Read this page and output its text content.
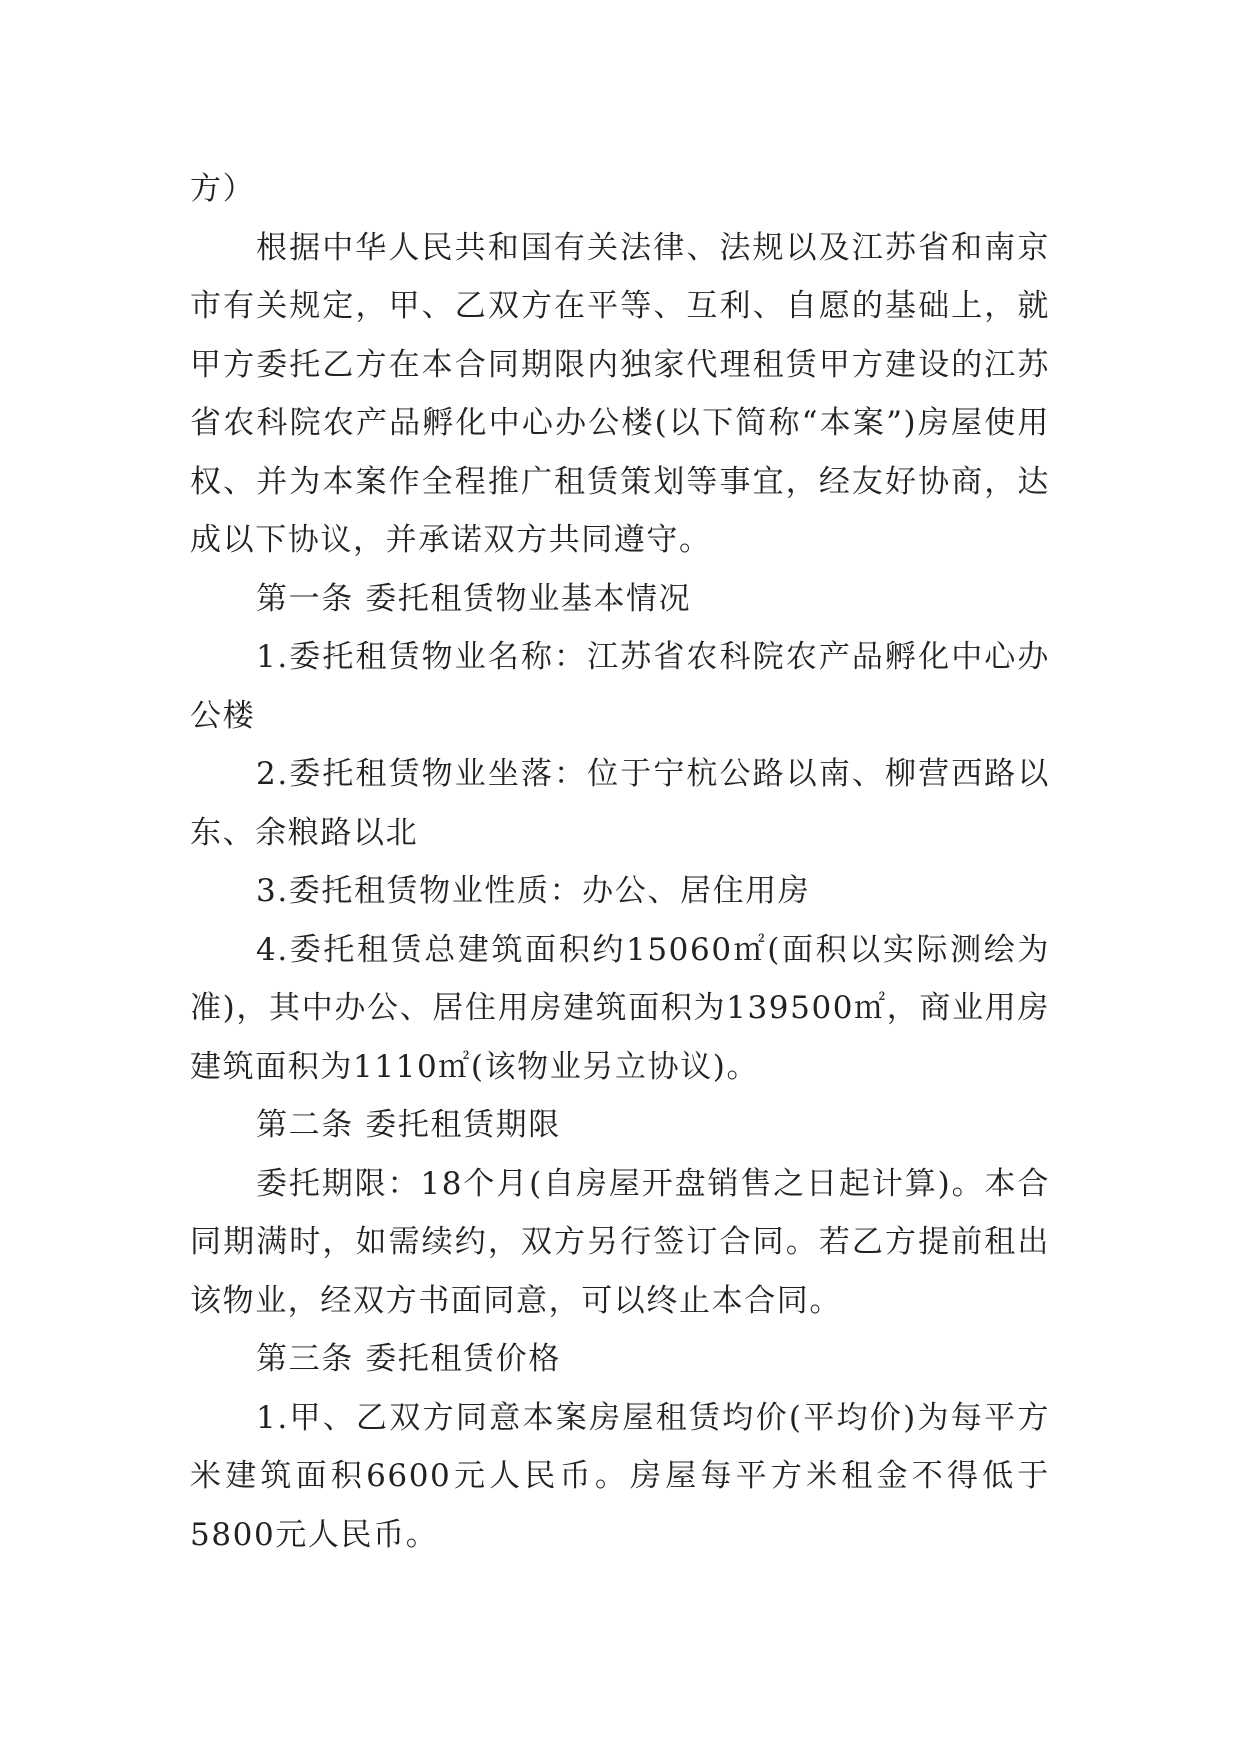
方）

根据中华人民共和国有关法律、法规以及江苏省和南京市有关规定，甲、乙双方在平等、互利、自愿的基础上，就甲方委托乙方在本合同期限内独家代理租赁甲方建设的江苏省农科院农产品孵化中心办公楼(以下简称“本案”)房屋使用权、并为本案作全程推广租赁策划等事宜，经友好协商，达成以下协议，并承诺双方共同遵守。

第一条 委托租赁物业基本情况

1.委托租赁物业名称：江苏省农科院农产品孵化中心办公楼

2.委托租赁物业坐落：位于宁杭公路以南、柳营西路以东、余粮路以北

3.委托租赁物业性质：办公、居住用房

4.委托租赁总建筑面积约15060㎡(面积以实际测绘为准)，其中办公、居住用房建筑面积为139500㎡，商业用房建筑面积为1110㎡(该物业另立协议)。

第二条 委托租赁期限

委托期限：18个月(自房屋开盘销售之日起计算)。本合同期满时，如需续约，双方另行签订合同。若乙方提前租出该物业，经双方书面同意，可以终止本合同。

第三条 委托租赁价格

1.甲、乙双方同意本案房屋租赁均价(平均价)为每平方米建筑面积6600元人民币。房屋每平方米租金不得低于5800元人民币。
